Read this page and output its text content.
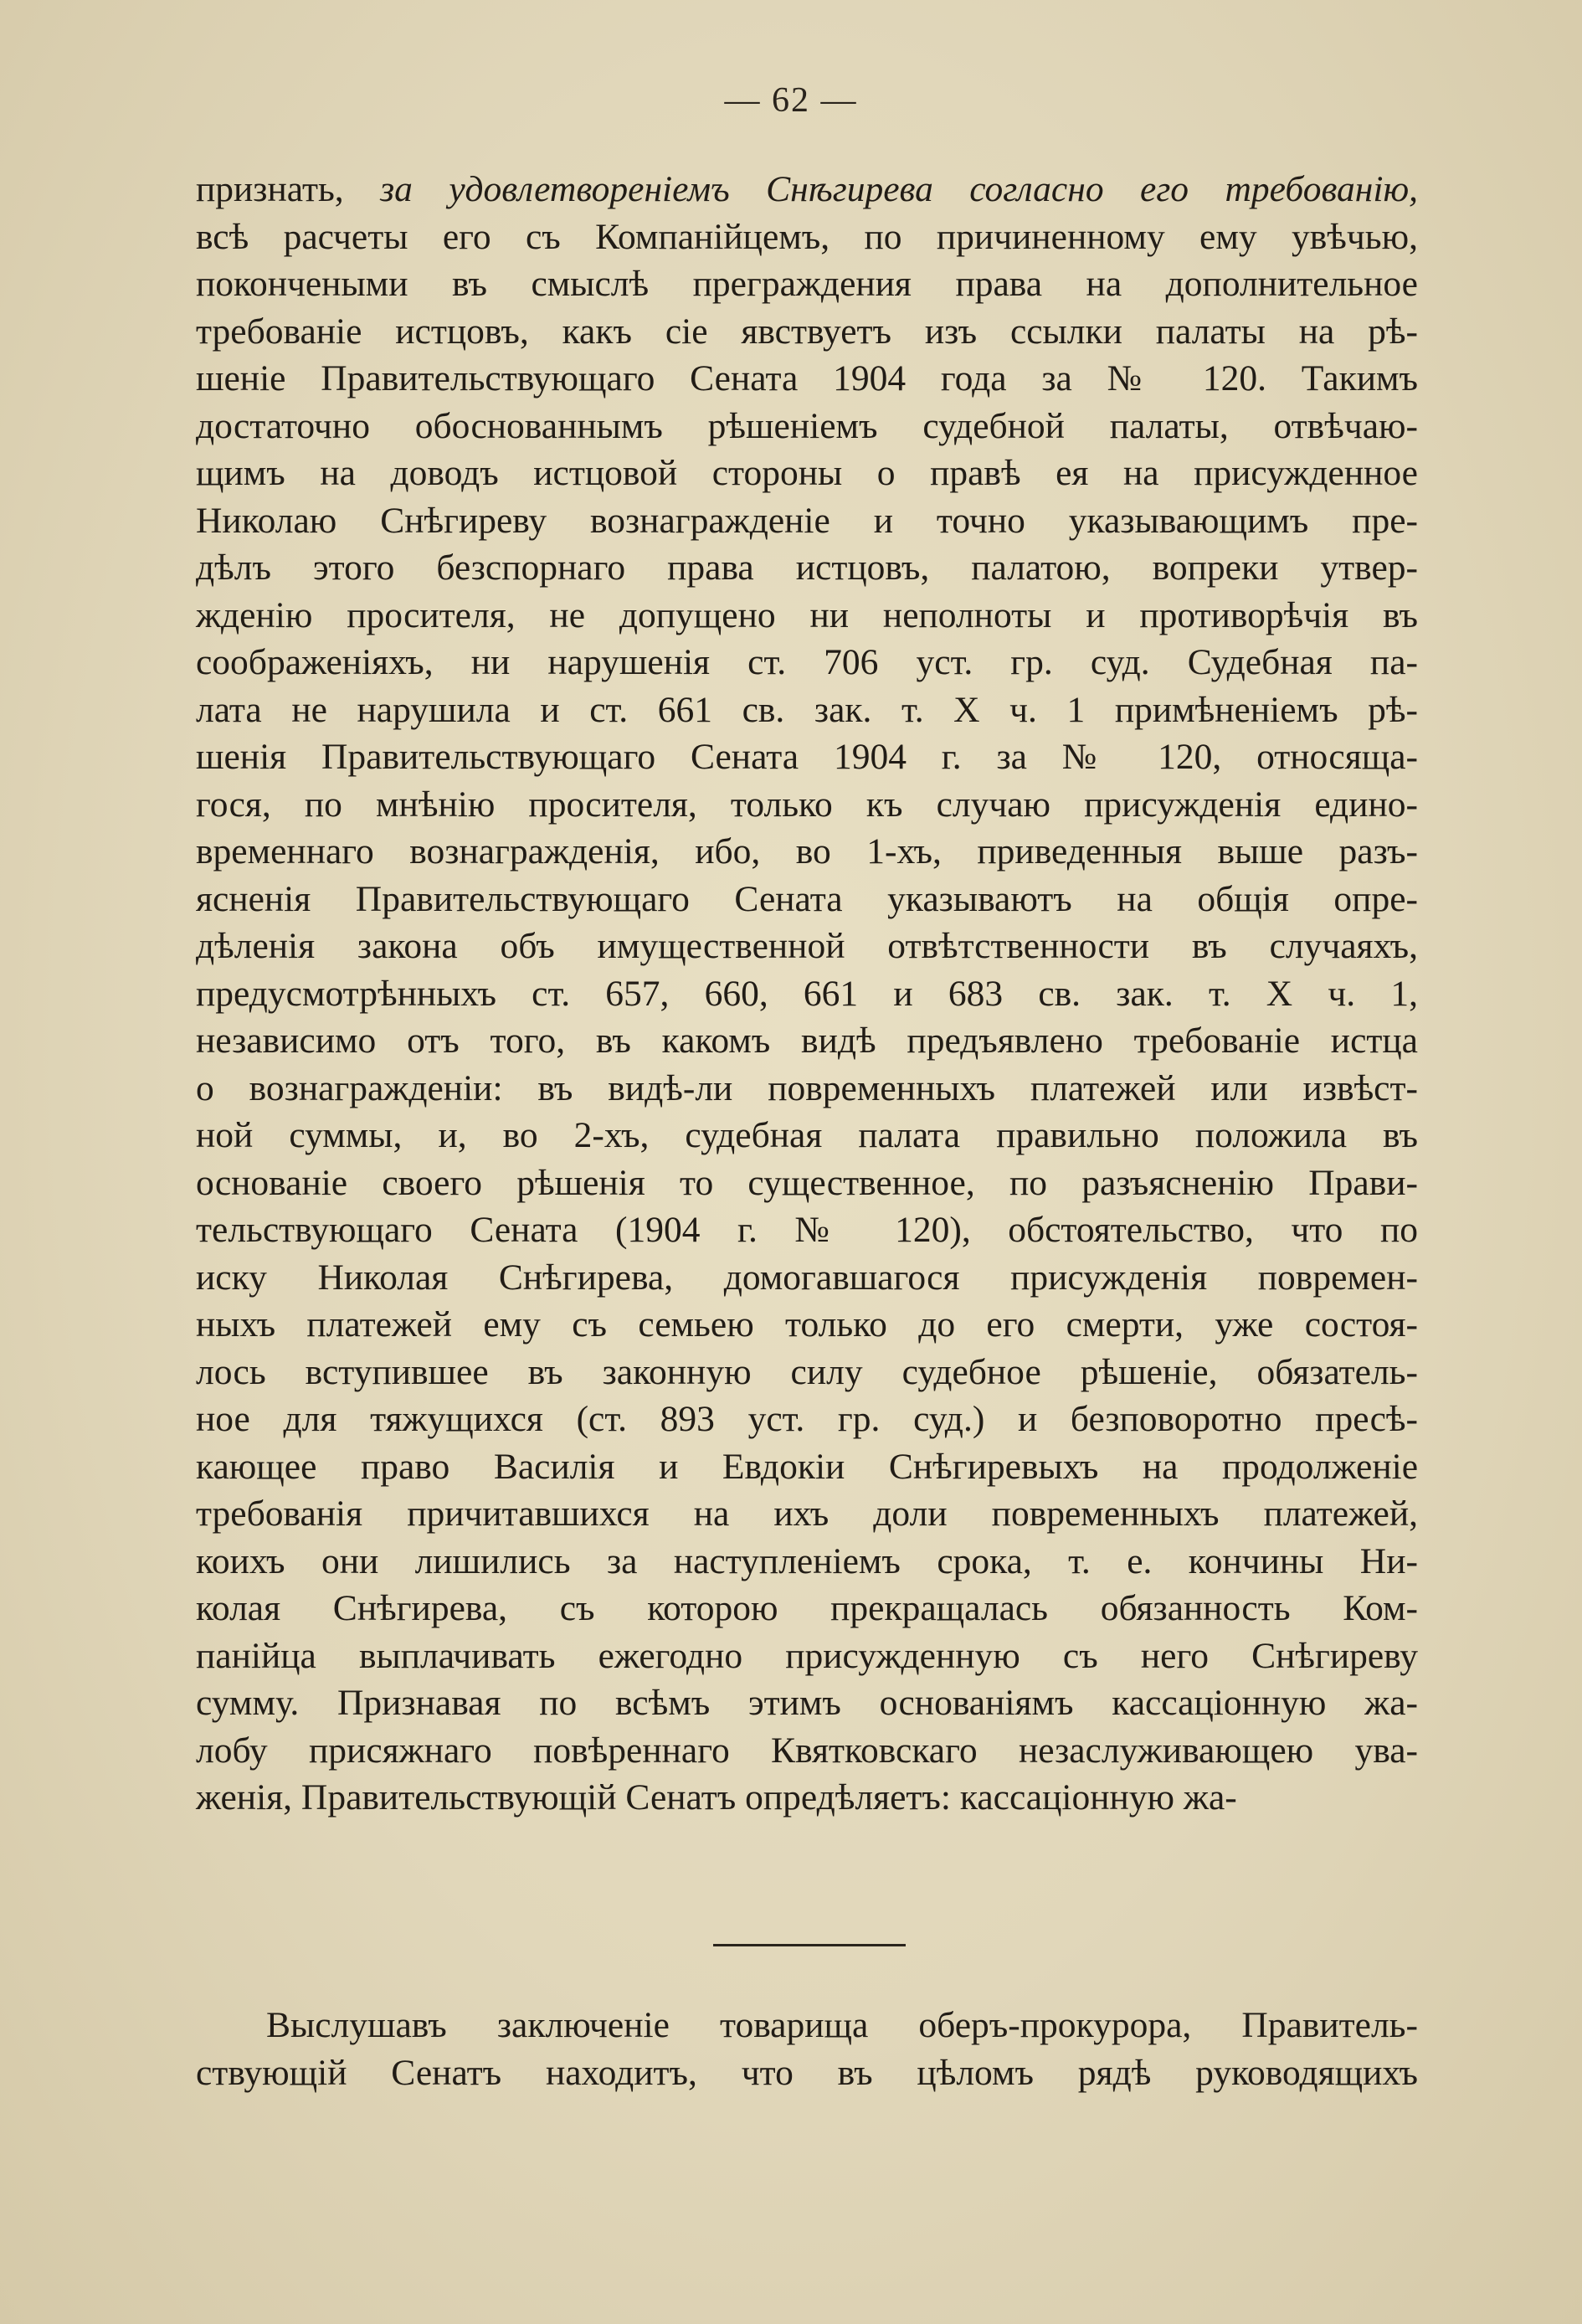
— 62 —
признать, за удовлетвореніемъ Снѣгирева согласно его требованію,
всѣ расчеты его съ Компанійцемъ, по причиненному ему увѣчью,
покончеными въ смыслѣ преграждения права на дополнительное
требованіе истцовъ, какъ сіе явствуетъ изъ ссылки палаты на рѣ-
шеніе Правительствующаго Сената 1904 года за № 120. Такимъ
достаточно обоснованнымъ рѣшеніемъ судебной палаты, отвѣчаю-
щимъ на доводъ истцовой стороны о правѣ ея на присужденное
Николаю Снѣгиреву вознагражденіе и точно указывающимъ пре-
дѣлъ этого безспорнаго права истцовъ, палатою, вопреки утвер-
жденію просителя, не допущено ни неполноты и противорѣчія въ
соображеніяхъ, ни нарушенія ст. 706 уст. гр. суд. Судебная па-
лата не нарушила и ст. 661 св. зак. т. X ч. 1 примѣненіемъ рѣ-
шенія Правительствующаго Сената 1904 г. за № 120, относяща-
гося, по мнѣнію просителя, только къ случаю присужденія едино-
временнаго вознагражденія, ибо, во 1-хъ, приведенныя выше разъ-
ясненія Правительствующаго Сената указываютъ на общія опре-
дѣленія закона объ имущественной отвѣтственности въ случаяхъ,
предусмотрѣнныхъ ст. 657, 660, 661 и 683 св. зак. т. X ч. 1,
независимо отъ того, въ какомъ видѣ предъявлено требованіе истца
о вознагражденіи: въ видѣ-ли повременныхъ платежей или извѣст-
ной суммы, и, во 2-хъ, судебная палата правильно положила въ
основаніе своего рѣшенія то существенное, по разъясненію Прави-
тельствующаго Сената (1904 г. № 120), обстоятельство, что по
иску Николая Снѣгирева, домогавшагося присужденія повремен-
ныхъ платежей ему съ семьею только до его смерти, уже состоя-
лось вступившее въ законную силу судебное рѣшеніе, обязатель-
ное для тяжущихся (ст. 893 уст. гр. суд.) и безповоротно пресѣ-
кающее право Василія и Евдокіи Снѣгиревыхъ на продолженіе
требованія причитавшихся на ихъ доли повременныхъ платежей,
коихъ они лишились за наступленіемъ срока, т. е. кончины Ни-
колая Снѣгирева, съ которою прекращалась обязанность Ком-
панійца выплачивать ежегодно присужденную съ него Снѣгиреву
сумму. Признавая по всѣмъ этимъ основаніямъ кассаціонную жа-
лобу присяжнаго повѣреннаго Квятковскаго незаслуживающею ува-
женія, Правительствующій Сенатъ опредѣляетъ: кассаціонную жа-
Выслушавъ заключеніе товарища оберъ-прокурора, Правитель-
ствующій Сенатъ находитъ, что въ цѣломъ рядѣ руководящихъ
